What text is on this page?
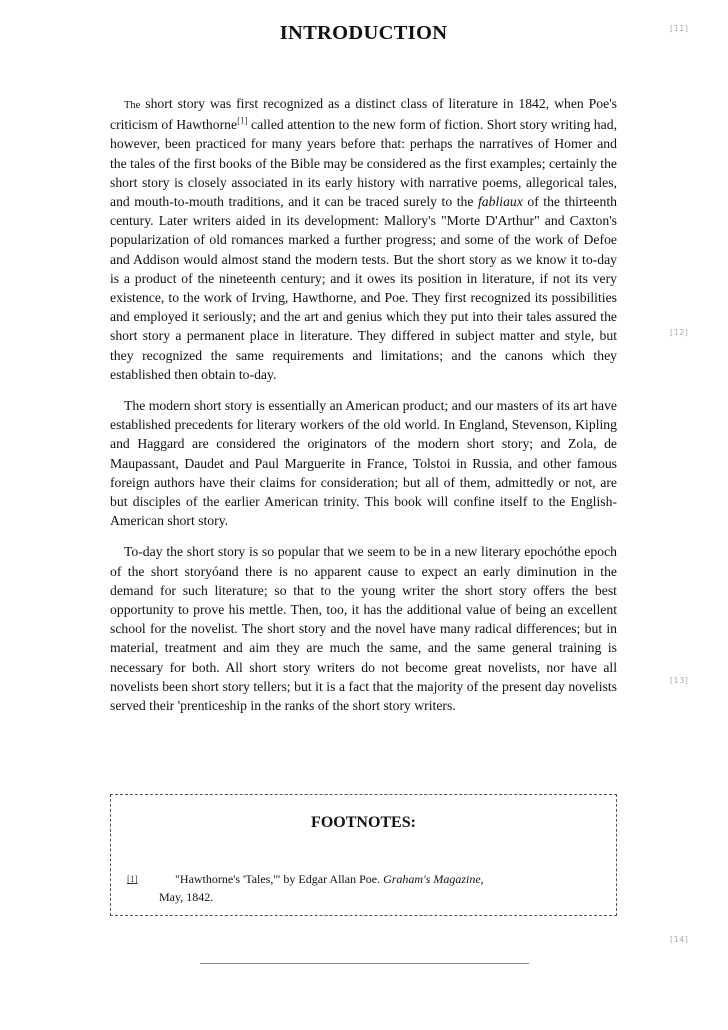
[11]
[12]
[13]
[14]
INTRODUCTION

The short story was first recognized as a distinct class of literature in 1842, when Poe's criticism of Hawthorne[1] called attention to the new form of fiction. Short story writing had, however, been practiced for many years before that: perhaps the narratives of Homer and the tales of the first books of the Bible may be considered as the first examples; certainly the short story is closely associated in its early history with narrative poems, allegorical tales, and mouth-to-mouth traditions, and it can be traced surely to the fabliaux of the thirteenth century. Later writers aided in its development: Mallory's "Morte D'Arthur" and Caxton's popularization of old romances marked a further progress; and some of the work of Defoe and Addison would almost stand the modern tests. But the short story as we know it to-day is a product of the nineteenth century; and it owes its position in literature, if not its very existence, to the work of Irving, Hawthorne, and Poe. They first recognized its possibilities and employed it seriously; and the art and genius which they put into their tales assured the short story a permanent place in literature. They differed in subject matter and style, but they recognized the same requirements and limitations; and the canons which they established then obtain to-day.

The modern short story is essentially an American product; and our masters of its art have established precedents for literary workers of the old world. In England, Stevenson, Kipling and Haggard are considered the originators of the modern short story; and Zola, de Maupassant, Daudet and Paul Marguerite in France, Tolstoi in Russia, and other famous foreign authors have their claims for consideration; but all of them, admittedly or not, are but disciples of the earlier American trinity. This book will confine itself to the English-American short story.

To-day the short story is so popular that we seem to be in a new literary epochóthe epoch of the short storyóand there is no apparent cause to expect an early diminution in the demand for such literature; so that to the young writer the short story offers the best opportunity to prove his mettle. Then, too, it has the additional value of being an excellent school for the novelist. The short story and the novel have many radical differences; but in material, treatment and aim they are much the same, and the same general training is necessary for both. All short story writers do not become great novelists, nor have all novelists been short story tellers; but it is a fact that the majority of the present day novelists served their 'prenticeship in the ranks of the short story writers.

FOOTNOTES:
[1]	"Hawthorne's 'Tales,'" by Edgar Allan Poe. Graham's Magazine,
May, 1842.
